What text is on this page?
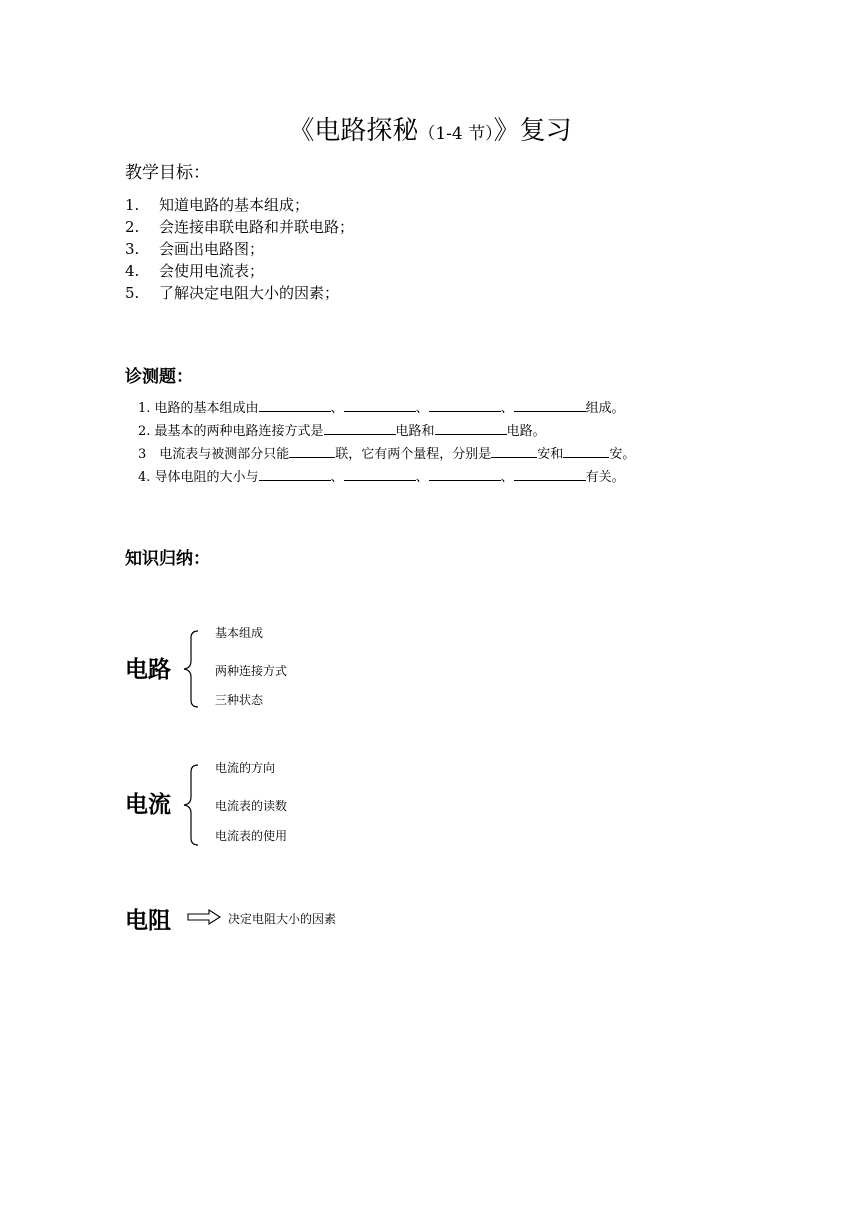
《电路探秘（1-4 节）》复习
教学目标：
1. 知道电路的基本组成；
2. 会连接串联电路和并联电路；
3. 会画出电路图；
4. 会使用电流表；
5. 了解决定电阻大小的因素；
诊测题：
1. 电路的基本组成由	、	、	、	组成。
2. 最基本的两种电路连接方式是	电路和	电路。
3　电流表与被测部分只能	联，它有两个量程，分别是	安和	安。
4. 导体电阻的大小与	、	、	、	有关。
知识归纳：
电路
基本组成
两种连接方式
三种状态
电流
电流的方向
电流表的读数
电流表的使用
电阻	决定电阻大小的因素
